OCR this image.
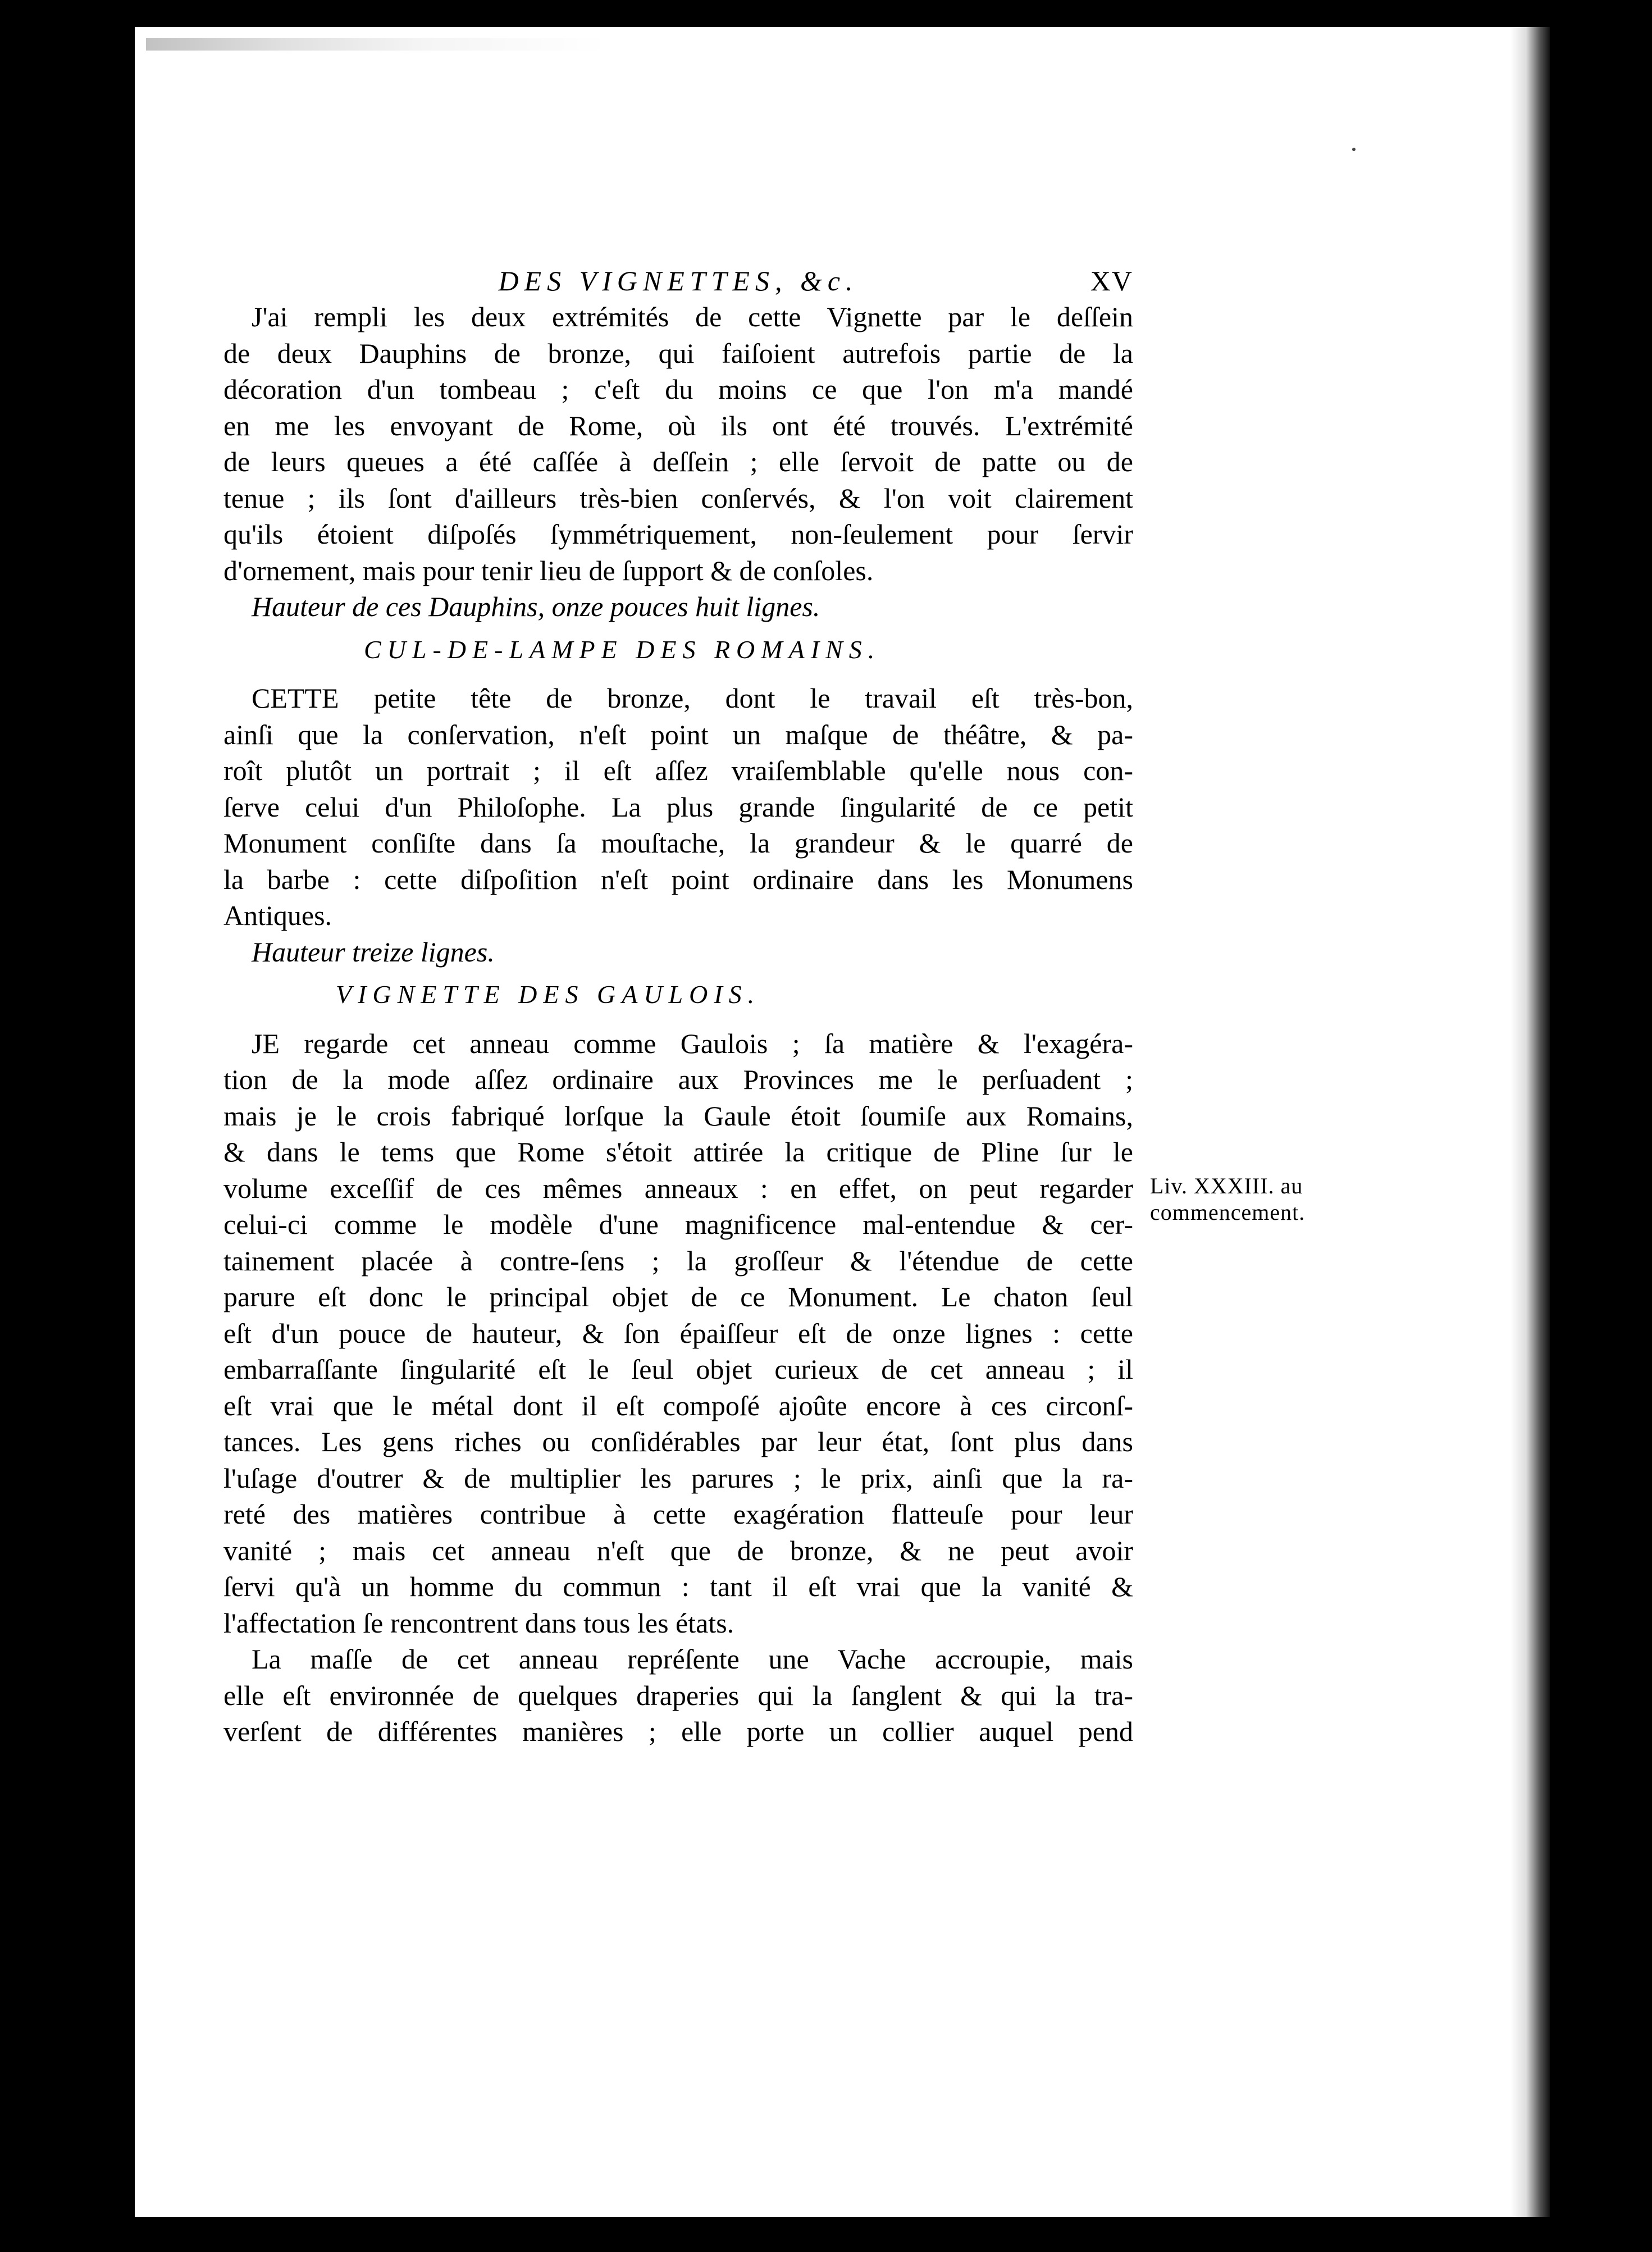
DES VIGNETTES, &c.	XV

J'ai rempli les deux extrémités de cette Vignette par le deſſein
de deux Dauphins de bronze, qui faiſoient autrefois partie de la
décoration d'un tombeau ; c'eſt du moins ce que l'on m'a mandé
en me les envoyant de Rome, où ils ont été trouvés. L'extrémité
de leurs queues a été caſſée à deſſein ; elle ſervoit de patte ou de
tenue ; ils ſont d'ailleurs très-bien conſervés, & l'on voit clairement
qu'ils étoient diſpoſés ſymmétriquement, non-ſeulement pour ſervir
d'ornement, mais pour tenir lieu de ſupport & de conſoles.

Hauteur de ces Dauphins, onze pouces huit lignes.
CUL-DE-LAMPE DES ROMAINS.

CETTE petite tête de bronze, dont le travail eſt très-bon,
ainſi que la conſervation, n'eſt point un maſque de théâtre, & pa-
roît plutôt un portrait ; il eſt aſſez vraiſemblable qu'elle nous con-
ſerve celui d'un Philoſophe. La plus grande ſingularité de ce petit
Monument conſiſte dans ſa mouſtache, la grandeur & le quarré de
la barbe : cette diſpoſition n'eſt point ordinaire dans les Monumens
Antiques.

Hauteur treize lignes.
VIGNETTE DES GAULOIS.

JE regarde cet anneau comme Gaulois ; ſa matière & l'exagéra-
tion de la mode aſſez ordinaire aux Provinces me le perſuadent ;
mais je le crois fabriqué lorſque la Gaule étoit ſoumiſe aux Romains,
& dans le tems que Rome s'étoit attirée la critique de Pline ſur le
volume exceſſif de ces mêmes anneaux : en effet, on peut regarder
celui-ci comme le modèle d'une magnificence mal-entendue & cer-
tainement placée à contre-ſens ; la groſſeur & l'étendue de cette
parure eſt donc le principal objet de ce Monument. Le chaton ſeul
eſt d'un pouce de hauteur, & ſon épaiſſeur eſt de onze lignes : cette
embarraſſante ſingularité eſt le ſeul objet curieux de cet anneau ; il
eſt vrai que le métal dont il eſt compoſé ajoûte encore à ces circonſ-
tances. Les gens riches ou conſidérables par leur état, ſont plus dans
l'uſage d'outrer & de multiplier les parures ; le prix, ainſi que la ra-
reté des matières contribue à cette exagération flatteuſe pour leur
vanité ; mais cet anneau n'eſt que de bronze, & ne peut avoir
ſervi qu'à un homme du commun : tant il eſt vrai que la vanité &
l'affectation ſe rencontrent dans tous les états.

La maſſe de cet anneau repréſente une Vache accroupie, mais
elle eſt environnée de quelques draperies qui la ſanglent & qui la tra-
verſent de différentes manières ; elle porte un collier auquel pend

Liv. XXXIII. au
commencement.
